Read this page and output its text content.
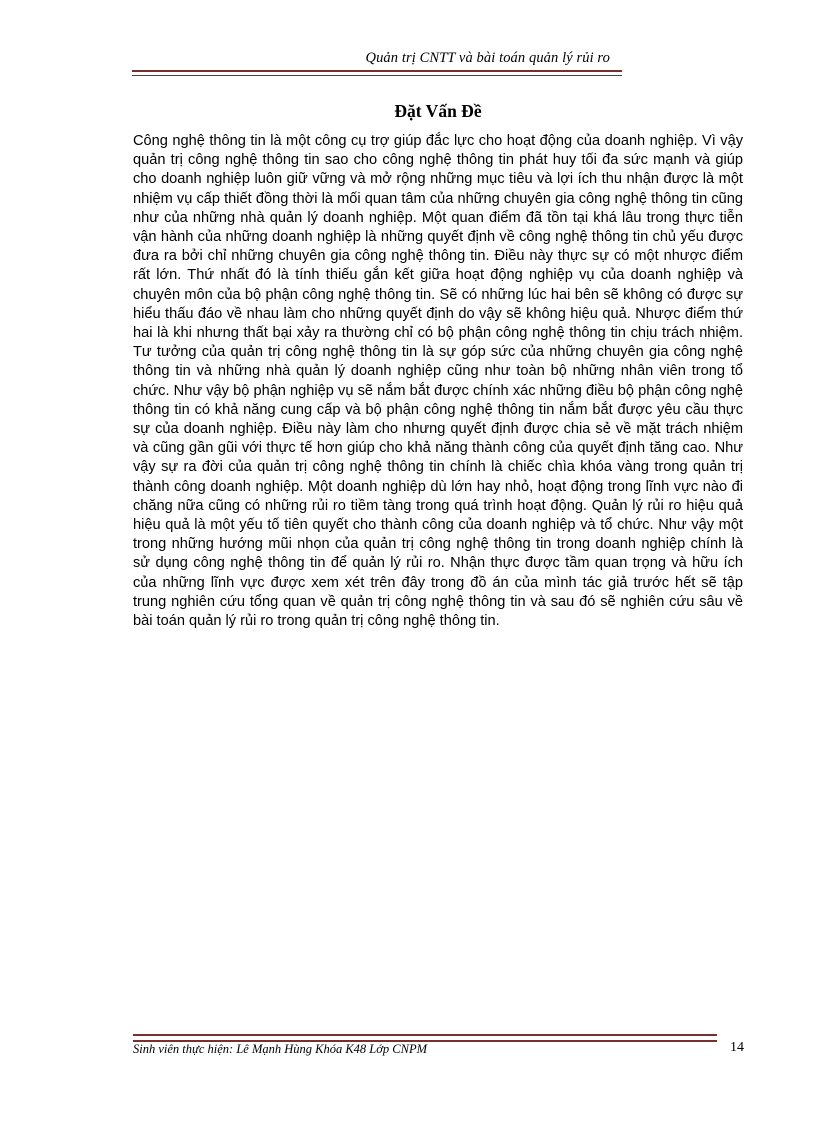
Quản trị CNTT và bài toán quản lý rủi ro
Đặt Vấn Đề

Công nghệ thông tin là một công cụ trợ giúp đắc lực cho hoạt động của doanh nghiệp. Vì vậy quản trị công nghệ thông tin sao cho công nghệ thông tin phát huy tối đa sức mạnh và giúp cho doanh nghiệp luôn giữ vững và mở rộng những mục tiêu và lợi ích thu nhận được là một nhiệm vụ cấp thiết đồng thời là mối quan tâm của những chuyên gia công nghệ thông tin cũng như của những nhà quản lý doanh nghiệp. Một quan điểm đã tồn tại khá lâu trong thực tiễn vận hành của những doanh nghiệp là những quyết định về công nghệ thông tin chủ yếu được đưa ra bởi chỉ những chuyên gia công nghệ thông tin. Điều này thực sự có một nhược điểm rất lớn. Thứ nhất đó là tính thiếu gắn kết giữa hoạt động nghiệp vụ của doanh nghiệp và chuyên môn của bộ phận công nghệ thông tin. Sẽ có những lúc hai bên sẽ không có được sự hiểu thấu đáo về nhau làm cho những quyết định do vậy sẽ không hiệu quả. Nhược điểm thứ hai là khi nhưng thất bại xảy ra thường chỉ có bộ phận công nghệ thông tin chịu trách nhiệm. Tư tưởng của quản trị công nghệ thông tin là sự góp sức của những chuyên gia công nghệ thông tin và những nhà quản lý doanh nghiệp cũng như toàn bộ những nhân viên trong tổ chức. Như vậy bộ phận nghiệp vụ sẽ nắm bắt được chính xác những điều bộ phận công nghệ thông tin có khả năng cung cấp và bộ phận công nghệ thông tin nắm bắt được yêu cầu thực sự của doanh nghiệp. Điều này làm cho nhưng quyết định được chia sẻ về mặt trách nhiệm và cũng gần gũi với thực tế hơn giúp cho khả năng thành công của quyết định tăng cao. Như vậy sự ra đời của quản trị công nghệ thông tin chính là chiếc chìa khóa vàng trong quản trị thành công doanh nghiệp. Một doanh nghiệp dù lớn hay nhỏ, hoạt động trong lĩnh vực nào đi chăng nữa cũng có những rủi ro tiềm tàng trong quá trình hoạt động. Quản lý rủi ro hiệu quả hiệu quả là một yếu tố tiên quyết cho thành công của doanh nghiệp và tổ chức. Như vậy một trong những hướng mũi nhọn của quản trị công nghệ thông tin trong doanh nghiệp chính là sử dụng công nghệ thông tin để quản lý rủi ro. Nhận thực được tầm quan trọng và hữu ích của những lĩnh vực được xem xét trên đây trong đồ án của mình tác giả trước hết sẽ tập trung nghiên cứu tổng quan về quản trị công nghệ thông tin và sau đó sẽ nghiên cứu sâu về bài toán quản lý rủi ro trong quản trị công nghệ thông tin.

Sinh viên thực hiện: Lê Mạnh Hùng Khóa K48 Lớp CNPM	14
